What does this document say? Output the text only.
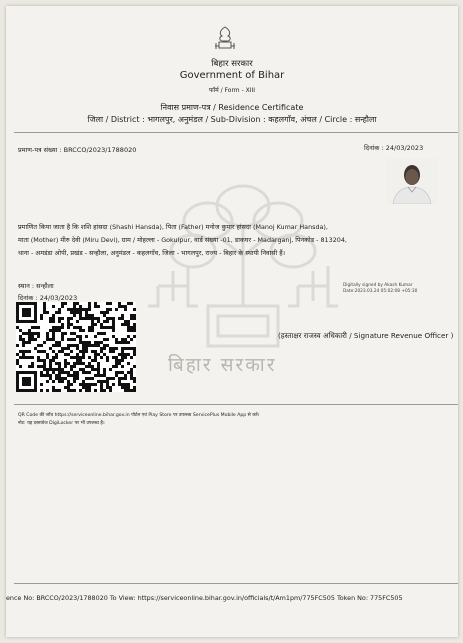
बिहार सरकार
बिहार सरकार
Government of Bihar
फॉर्म / Form - XIII
निवास प्रमाण-पत्र / Residence Certificate
जिला / District : भागलपुर, अनुमंडल / Sub-Division : कहलगाँव, अंचल / Circle : सन्हौला
प्रमाण-पत्र संख्या : BRCCO/2023/1788020	दिनांक : 24/03/2023
प्रमाणित किया जाता है कि शशि हांसदा (Shashi Hansda), पिता (Father) मनोज कुमार हांसदा (Manoj Kumar Hansda),
माता (Mother) मीरु देवी (Miru Devi), ग्राम / मोहल्ला - Gokulpur, वार्ड संख्या -01, डाकघर - Madarganj, पिनकोड - 813204,
थाना - अमडंडा ओपी, प्रखंड - सन्हौला, अनुमंडल - कहलगाँव, जिला - भागलपुर, राज्य - बिहार के स्थायी निवासी हैं।
स्थान : सन्हौला
दिनांक : 24/03/2023
Digitally signed by Akash Kumar
Date:2023.03.24 05:02:08 +05:30
(हस्ताक्षर राजस्व अधिकारी / Signature Revenue Officer )
QR Code की जाँच https://serviceonline.bihar.gov.in पोर्टल एवं Play Store पर उपलब्ध ServicePlus Mobile App से करें।
नोट: यह दस्तावेज DigiLocker पर भी उपलब्ध है।
ence No: BRCCO/2023/1788020 To View: https://serviceonline.bihar.gov.in/officials/t/Am1pm/775FC505 Token No: 775FC505
